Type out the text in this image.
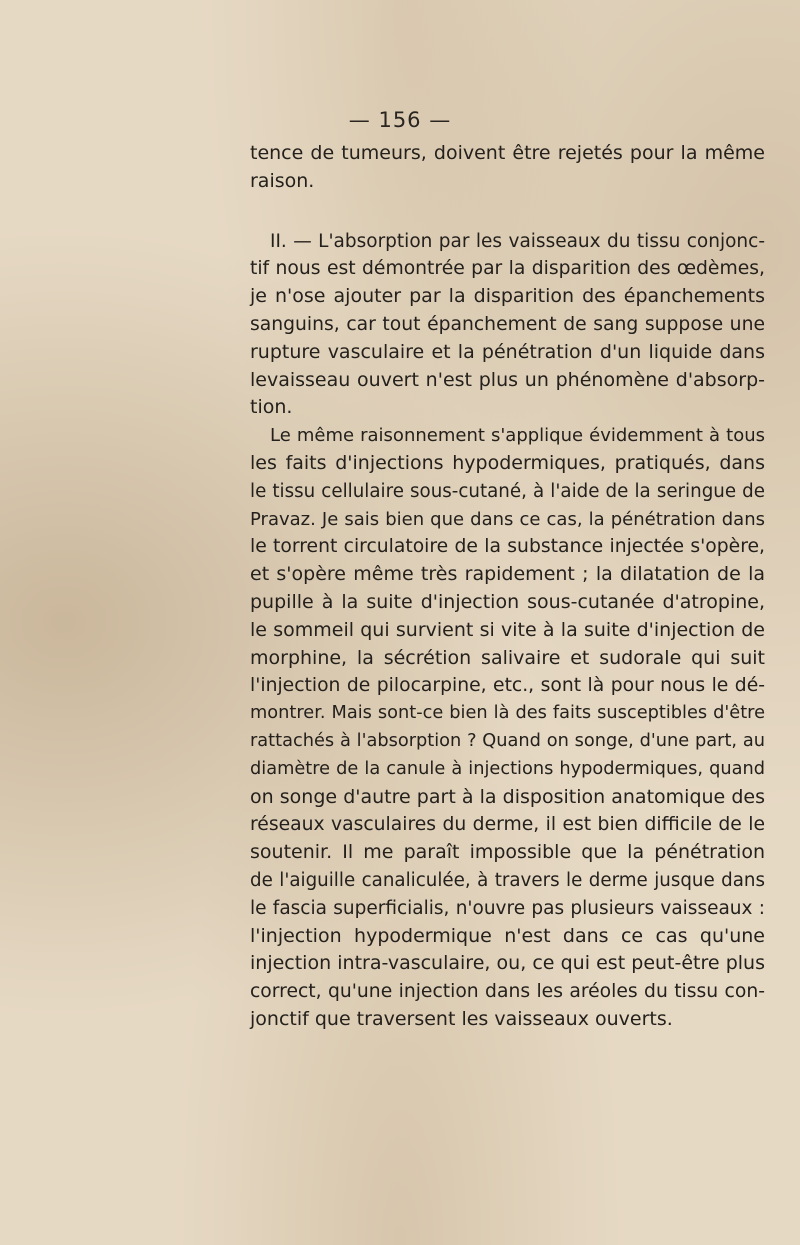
— 156 —
tence de tumeurs, doivent être rejetés pour la même
raison.
II. — L'absorption par les vaisseaux du tissu conjonc-
tif nous est démontrée par la disparition des œdèmes,
je n'ose ajouter par la disparition des épanchements
sanguins, car tout épanchement de sang suppose une
rupture vasculaire et la pénétration d'un liquide dans
levaisseau ouvert n'est plus un phénomène d'absorp-
tion.
Le même raisonnement s'applique évidemment à tous
les faits d'injections hypodermiques, pratiqués, dans
le tissu cellulaire sous-cutané, à l'aide de la seringue de
Pravaz. Je sais bien que dans ce cas, la pénétration dans
le torrent circulatoire de la substance injectée s'opère,
et s'opère même très rapidement ; la dilatation de la
pupille à la suite d'injection sous-cutanée d'atropine,
le sommeil qui survient si vite à la suite d'injection de
morphine, la sécrétion salivaire et sudorale qui suit
l'injection de pilocarpine, etc., sont là pour nous le dé-
montrer. Mais sont-ce bien là des faits susceptibles d'être
rattachés à l'absorption ? Quand on songe, d'une part, au
diamètre de la canule à injections hypodermiques, quand
on songe d'autre part à la disposition anatomique des
réseaux vasculaires du derme, il est bien difficile de le
soutenir. Il me paraît impossible que la pénétration
de l'aiguille canaliculée, à travers le derme jusque dans
le fascia superficialis, n'ouvre pas plusieurs vaisseaux :
l'injection hypodermique n'est dans ce cas qu'une
injection intra-vasculaire, ou, ce qui est peut-être plus
correct, qu'une injection dans les aréoles du tissu con-
jonctif que traversent les vaisseaux ouverts.
